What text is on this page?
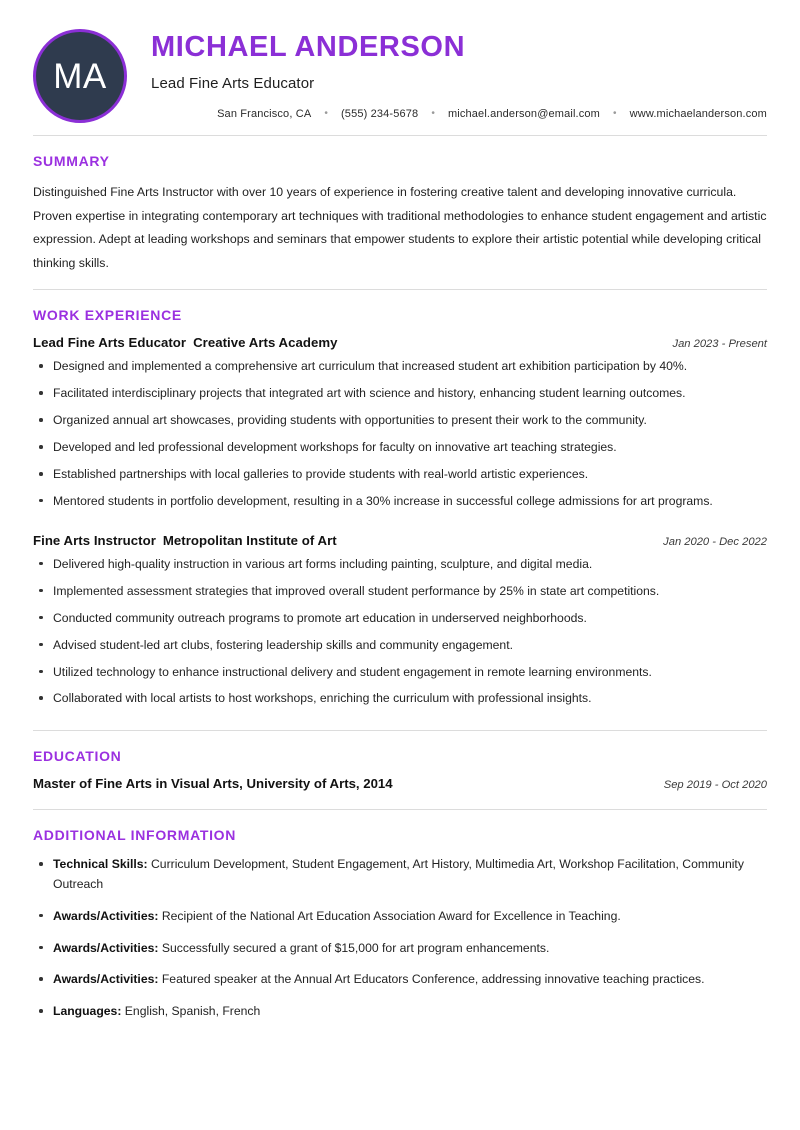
MA
MICHAEL ANDERSON
Lead Fine Arts Educator
San Francisco, CA	•	(555) 234-5678	•	michael.anderson@email.com	•	www.michaelanderson.com
SUMMARY
Distinguished Fine Arts Instructor with over 10 years of experience in fostering creative talent and developing innovative curricula. Proven expertise in integrating contemporary art techniques with traditional methodologies to enhance student engagement and artistic expression. Adept at leading workshops and seminars that empower students to explore their artistic potential while developing critical thinking skills.
WORK EXPERIENCE
Lead Fine Arts Educator Creative Arts Academy	Jan 2023 - Present
Designed and implemented a comprehensive art curriculum that increased student art exhibition participation by 40%.
Facilitated interdisciplinary projects that integrated art with science and history, enhancing student learning outcomes.
Organized annual art showcases, providing students with opportunities to present their work to the community.
Developed and led professional development workshops for faculty on innovative art teaching strategies.
Established partnerships with local galleries to provide students with real-world artistic experiences.
Mentored students in portfolio development, resulting in a 30% increase in successful college admissions for art programs.
Fine Arts Instructor Metropolitan Institute of Art	Jan 2020 - Dec 2022
Delivered high-quality instruction in various art forms including painting, sculpture, and digital media.
Implemented assessment strategies that improved overall student performance by 25% in state art competitions.
Conducted community outreach programs to promote art education in underserved neighborhoods.
Advised student-led art clubs, fostering leadership skills and community engagement.
Utilized technology to enhance instructional delivery and student engagement in remote learning environments.
Collaborated with local artists to host workshops, enriching the curriculum with professional insights.
EDUCATION
Master of Fine Arts in Visual Arts, University of Arts, 2014	Sep 2019 - Oct 2020
ADDITIONAL INFORMATION
Technical Skills: Curriculum Development, Student Engagement, Art History, Multimedia Art, Workshop Facilitation, Community Outreach
Awards/Activities: Recipient of the National Art Education Association Award for Excellence in Teaching.
Awards/Activities: Successfully secured a grant of $15,000 for art program enhancements.
Awards/Activities: Featured speaker at the Annual Art Educators Conference, addressing innovative teaching practices.
Languages: English, Spanish, French
